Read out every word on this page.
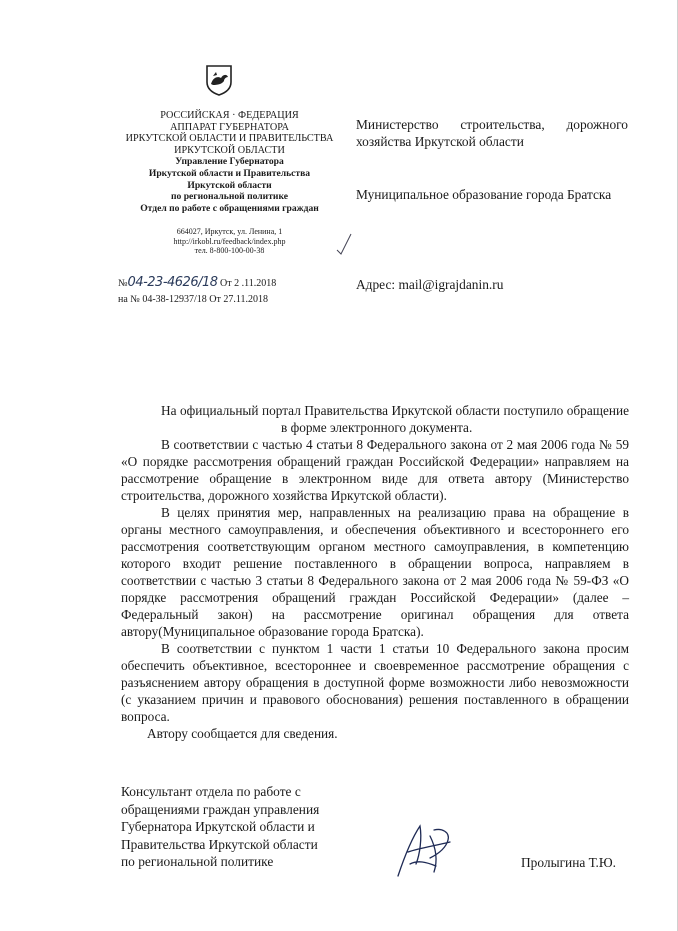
РОССИЙСКАЯ · ФЕДЕРАЦИЯ
АППАРАТ ГУБЕРНАТОРА
ИРКУТСКОЙ ОБЛАСТИ И ПРАВИТЕЛЬСТВА
ИРКУТСКОЙ ОБЛАСТИ
Управление Губернатора
Иркутской области и Правительства
Иркутской области
по региональной политике
Отдел по работе с обращениями граждан
664027, Иркутск, ул. Ленина, 1
http://irkobl.ru/feedback/index.php
тел. 8-800-100-00-38
№04-23-4626/18 От 2 .11.2018
на № 04-38-12937/18 От 27.11.2018
Министерство строительства, дорожного хозяйства Иркутской области
Муниципальное образование города Братска
Адрес: mail@igrajdanin.ru

На официальный портал Правительства Иркутской области поступило обращение в форме электронного документа.

В соответствии с частью 4 статьи 8 Федерального закона от 2 мая 2006 года № 59 «О порядке рассмотрения обращений граждан Российской Федерации» направляем на рассмотрение обращение в электронном виде для ответа автору (Министерство строительства, дорожного хозяйства Иркутской области).

В целях принятия мер, направленных на реализацию права на обращение в органы местного самоуправления, и обеспечения объективного и всестороннего его рассмотрения соответствующим органом местного самоуправления, в компетенцию которого входит решение поставленного в обращении вопроса, направляем в соответствии с частью 3 статьи 8 Федерального закона от 2 мая 2006 года № 59-ФЗ «О порядке рассмотрения обращений граждан Российской Федерации» (далее – Федеральный закон) на рассмотрение оригинал обращения для ответа автору(Муниципальное образование города Братска).

В соответствии с пунктом 1 части 1 статьи 10 Федерального закона просим обеспечить объективное, всестороннее и своевременное рассмотрение обращения с разъяснением автору обращения в доступной форме возможности либо невозможности (с указанием причин и правового обоснования) решения поставленного в обращении вопроса.

Автору сообщается для сведения.

Консультант отдела по работе с
обращениями граждан управления
Губернатора Иркутской области и
Правительства Иркутской области
по региональной политике	Пролыгина Т.Ю.
